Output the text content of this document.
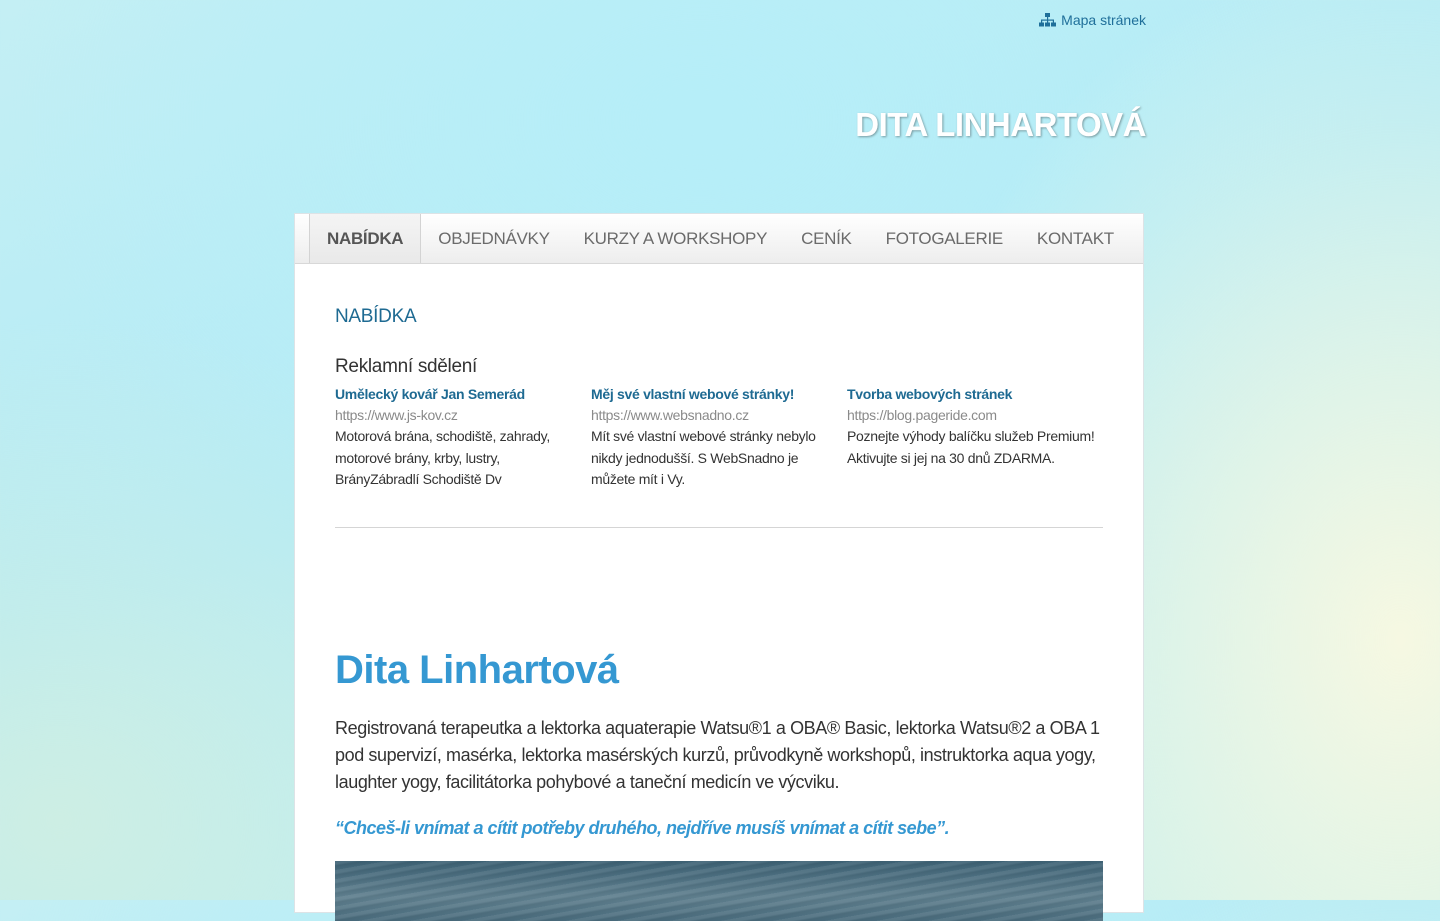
Mapa stránek
DITA LINHARTOVÁ
NABÍDKA	OBJEDNÁVKY	KURZY A WORKSHOPY	CENÍK	FOTOGALERIE	KONTAKT
NABÍDKA
Reklamní sdělení
Umělecký kovář Jan Semerád
https://www.js-kov.cz
Motorová brána, schodiště, zahrady, motorové brány, krby, lustry, BrányZábradlí Schodiště Dv
Měj své vlastní webové stránky!
https://www.websnadno.cz
Mít své vlastní webové stránky nebylo nikdy jednodušší. S WebSnadno je můžete mít i Vy.
Tvorba webových stránek
https://blog.pageride.com
Poznejte výhody balíčku služeb Premium! Aktivujte si jej na 30 dnů ZDARMA.
Dita Linhartová

Registrovaná terapeutka a lektorka aquaterapie Watsu®1 a OBA® Basic, lektorka Watsu®2 a OBA 1 pod supervizí, masérka, lektorka masérských kurzů, průvodkyně workshopů, instruktorka aqua yogy, laughter yogy, facilitátorka pohybové a taneční medicín ve výcviku.

“Chceš-li vnímat a cítit potřeby druhého, nejdříve musíš vnímat a cítit sebe”.
